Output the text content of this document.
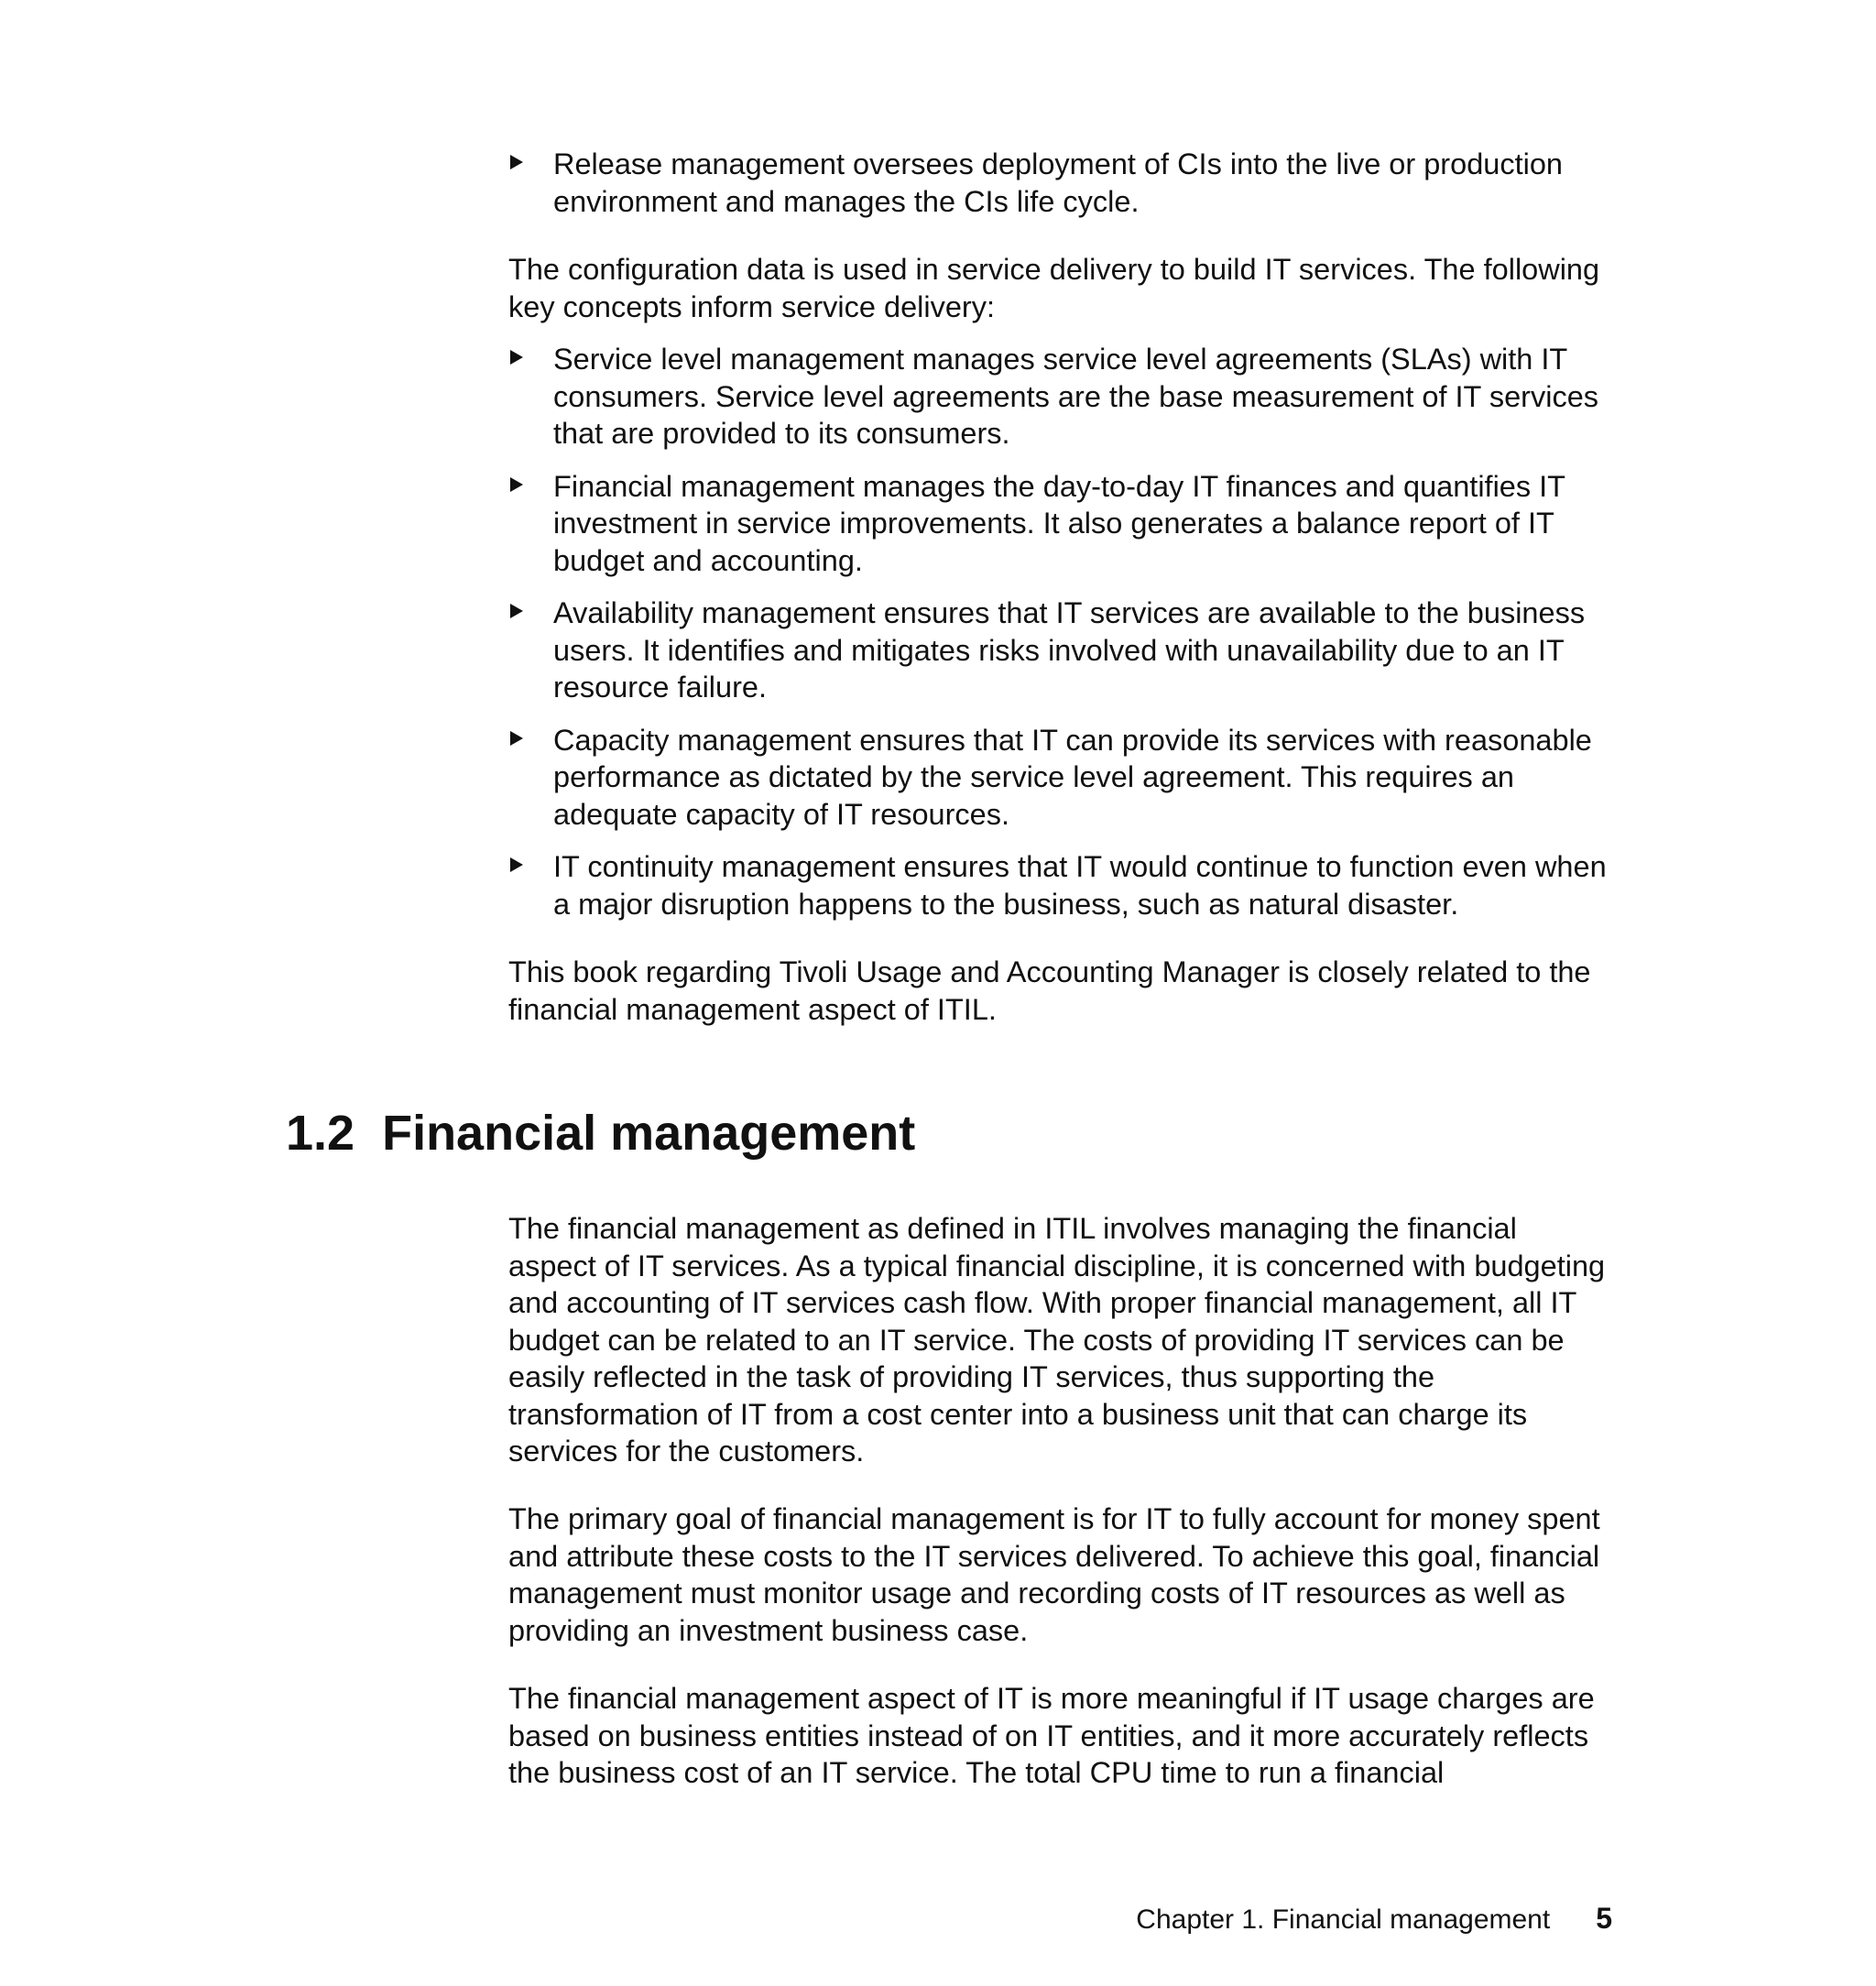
Release management oversees deployment of CIs into the live or production environment and manages the CIs life cycle.

The configuration data is used in service delivery to build IT services. The following key concepts inform service delivery:

Service level management manages service level agreements (SLAs) with IT consumers. Service level agreements are the base measurement of IT services that are provided to its consumers.
Financial management manages the day-to-day IT finances and quantifies IT investment in service improvements. It also generates a balance report of IT budget and accounting.
Availability management ensures that IT services are available to the business users. It identifies and mitigates risks involved with unavailability due to an IT resource failure.
Capacity management ensures that IT can provide its services with reasonable performance as dictated by the service level agreement. This requires an adequate capacity of IT resources.
IT continuity management ensures that IT would continue to function even when a major disruption happens to the business, such as natural disaster.

This book regarding Tivoli Usage and Accounting Manager is closely related to the financial management aspect of ITIL.

1.2 Financial management

The financial management as defined in ITIL involves managing the financial aspect of IT services. As a typical financial discipline, it is concerned with budgeting and accounting of IT services cash flow. With proper financial management, all IT budget can be related to an IT service. The costs of providing IT services can be easily reflected in the task of providing IT services, thus supporting the transformation of IT from a cost center into a business unit that can charge its services for the customers.

The primary goal of financial management is for IT to fully account for money spent and attribute these costs to the IT services delivered. To achieve this goal, financial management must monitor usage and recording costs of IT resources as well as providing an investment business case.

The financial management aspect of IT is more meaningful if IT usage charges are based on business entities instead of on IT entities, and it more accurately reflects the business cost of an IT service. The total CPU time to run a financial

Chapter 1. Financial management 5
